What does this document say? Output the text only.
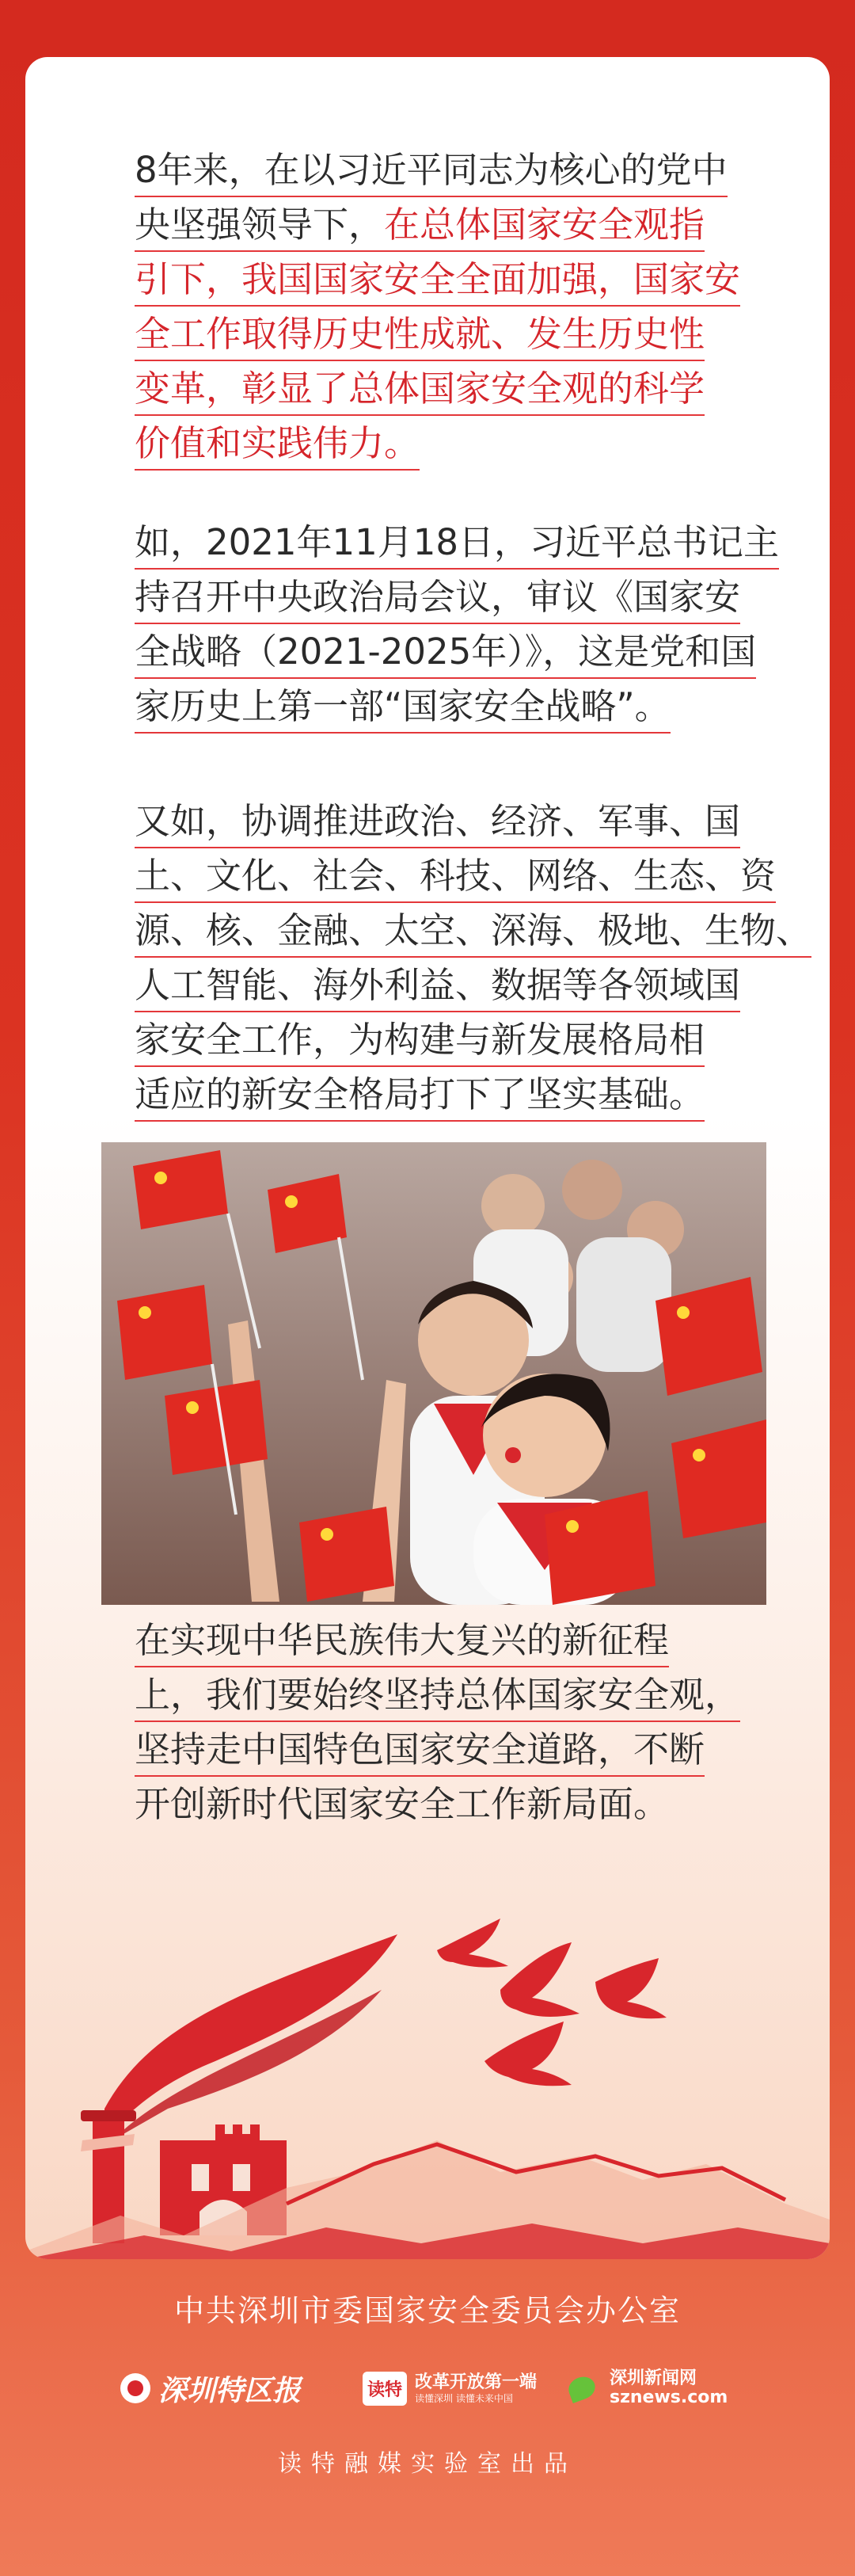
8年来，在以习近平同志为核心的党中
央坚强领导下，在总体国家安全观指
引下，我国国家安全全面加强，国家安
全工作取得历史性成就、发生历史性
变革，彰显了总体国家安全观的科学
价值和实践伟力。
如，2021年11月18日，习近平总书记主
持召开中央政治局会议，审议《国家安
全战略（2021-2025年）》，这是党和国
家历史上第一部“国家安全战略”。
又如，协调推进政治、经济、军事、国
土、文化、社会、科技、网络、生态、资
源、核、金融、太空、深海、极地、生物、
人工智能、海外利益、数据等各领域国
家安全工作，为构建与新发展格局相
适应的新安全格局打下了坚实基础。
在实现中华民族伟大复兴的新征程
上，我们要始终坚持总体国家安全观，
坚持走中国特色国家安全道路，不断
开创新时代国家安全工作新局面。
中共深圳市委国家安全委员会办公室
深圳特区报	读特 改革开放第一端
读懂深圳 读懂未来中国
深圳新闻网
sznews.com
读特融媒实验室出品
